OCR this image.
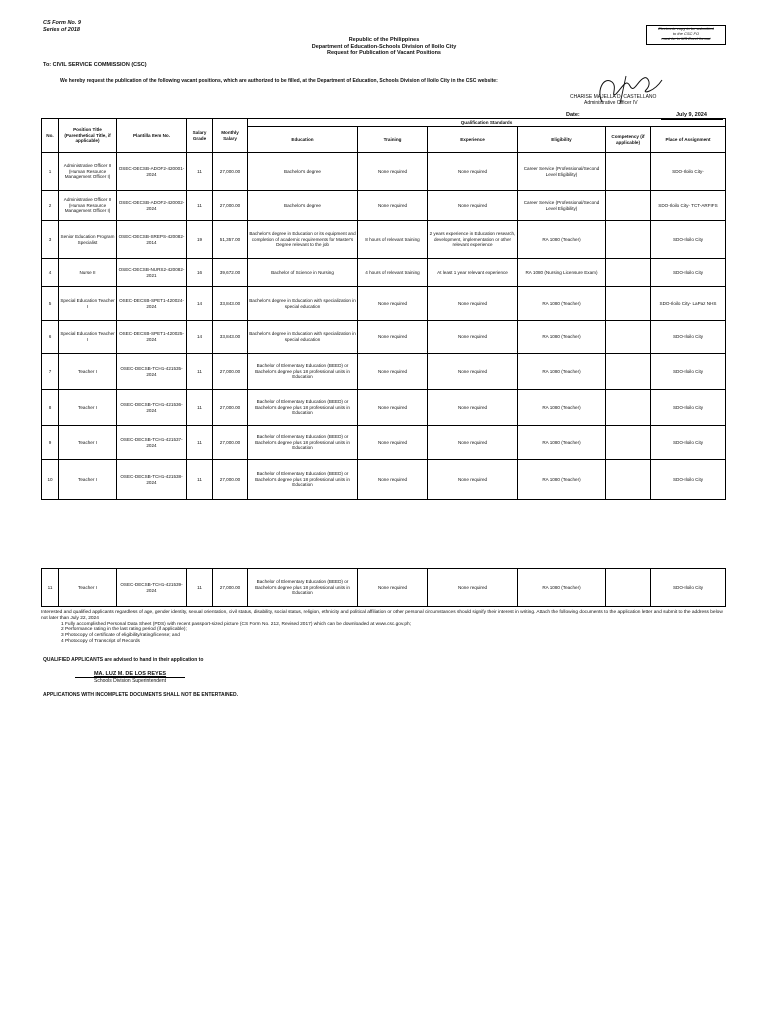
CS Form No. 9
Series of 2018	Electronic copy to be submitted
to the CSC FO
must be in MS Excel format
Republic of the Philippines
Department of Education-Schools Division of Iloilo City
Request for Publication of Vacant Positions
To: CIVIL SERVICE COMMISSION (CSC)
We hereby request the publication of the following vacant positions, which are authorized to be filled, at the Department of Education, Schools Division of Iloilo City in the CSC website:
CHARISE MAJELLA D. CASTELLANO
Administrative Officer IV
Date:	July 9, 2024
No.	Position Title (Parenthetical Title, if applicable)	Plantilla Item No.	Salary Grade	Monthly Salary	Qualification Standards					
					Education	Training	Experience	Eligibility	Competency (if applicable)	Place of Assignment
1	Administrative Officer II (Human Resource Management Officer I)	OSEC-DECSB-ADOF2-420001-2024	11	27,000.00	Bachelor's degree	None required	None required	Career Service (Professional/Second Level Eligibility)		SDO-Iloilo City-
2	Administrative Officer II (Human Resource Management Officer I)	OSEC-DECSB-ADOF2-420002-2024	11	27,000.00	Bachelor's degree	None required	None required	Career Service (Professional/Second Level Eligibility)		SDO-Iloilo City- TCT-ARFIFS
3	Senior Education Program Specialist	OSEC-DECSB-SREPS-420082-2014	19	51,357.00	Bachelor's degree in Education or its equipment and completion of academic requirements for Master's Degree relevant to the job	8 hours of relevant training	2 years experience in Education research, development, implementation or other relevant experience	RA 1080 (Teacher)		SDO-Iloilo City
4	Nurse II	OSEC-DECSB-NURS2-420082-2021	16	39,672.00	Bachelor of Science in Nursing	4 hours of relevant training	At least 1 year relevant experience	RA 1080 (Nursing Licensure Exam)		SDO-Iloilo City
5	Special Education Teacher I	OSEC-DECSB-SPET1-420024-2024	14	33,843.00	Bachelor's degree in Education with specialization in special education	None required	None required	RA 1080 (Teacher)		SDO-Iloilo City- LaPaz NHS
6	Special Education Teacher I	OSEC-DECSB-SPET1-420025-2024	14	33,843.00	Bachelor's degree in Education with specialization in special education	None required	None required	RA 1080 (Teacher)		SDO-Iloilo City
7	Teacher I	OSEC-DECSB-TCH1-421535-2024	11	27,000.00	Bachelor of Elementary Education (BEED) or Bachelor's degree plus 18 professional units in Education	None required	None required	RA 1080 (Teacher)		SDO-Iloilo City
8	Teacher I	OSEC-DECSB-TCH1-421536-2024	11	27,000.00	Bachelor of Elementary Education (BEED) or Bachelor's degree plus 18 professional units in Education	None required	None required	RA 1080 (Teacher)		SDO-Iloilo City
9	Teacher I	OSEC-DECSB-TCH1-421537-2024	11	27,000.00	Bachelor of Elementary Education (BEED) or Bachelor's degree plus 18 professional units in Education	None required	None required	RA 1080 (Teacher)		SDO-Iloilo City
10	Teacher I	OSEC-DECSB-TCH1-421538-2024	11	27,000.00	Bachelor of Elementary Education (BEED) or Bachelor's degree plus 18 professional units in Education	None required	None required	RA 1080 (Teacher)		SDO-Iloilo City
11	Teacher I	OSEC-DECSB-TCH1-421539-2024	11	27,000.00	Bachelor of Elementary Education (BEED) or Bachelor's degree plus 18 professional units in Education	None required	None required	RA 1080 (Teacher)		SDO-Iloilo City
Interested and qualified applicants regardless of age, gender identity, sexual orientation, civil status, disability, social status, religion, ethnicity and political affiliation or other personal circumstances should signify their interest in writing. Attach the following documents to the application letter and submit to the address below not later than July 22, 2024
1 Fully accomplished Personal Data Sheet (PDS) with recent passport-sized picture (CS Form No. 212, Revised 2017) which can be downloaded at www.csc.gov.ph;
2 Performance rating in the last rating period (if applicable);
3 Photocopy of certificate of eligibility/rating/license; and
4 Photocopy of Transcript of Records
QUALIFIED APPLICANTS are advised to hand in their application to
MA. LUZ M. DE LOS REYES
Schools Division Superintendent
APPLICATIONS WITH INCOMPLETE DOCUMENTS SHALL NOT BE ENTERTAINED.
